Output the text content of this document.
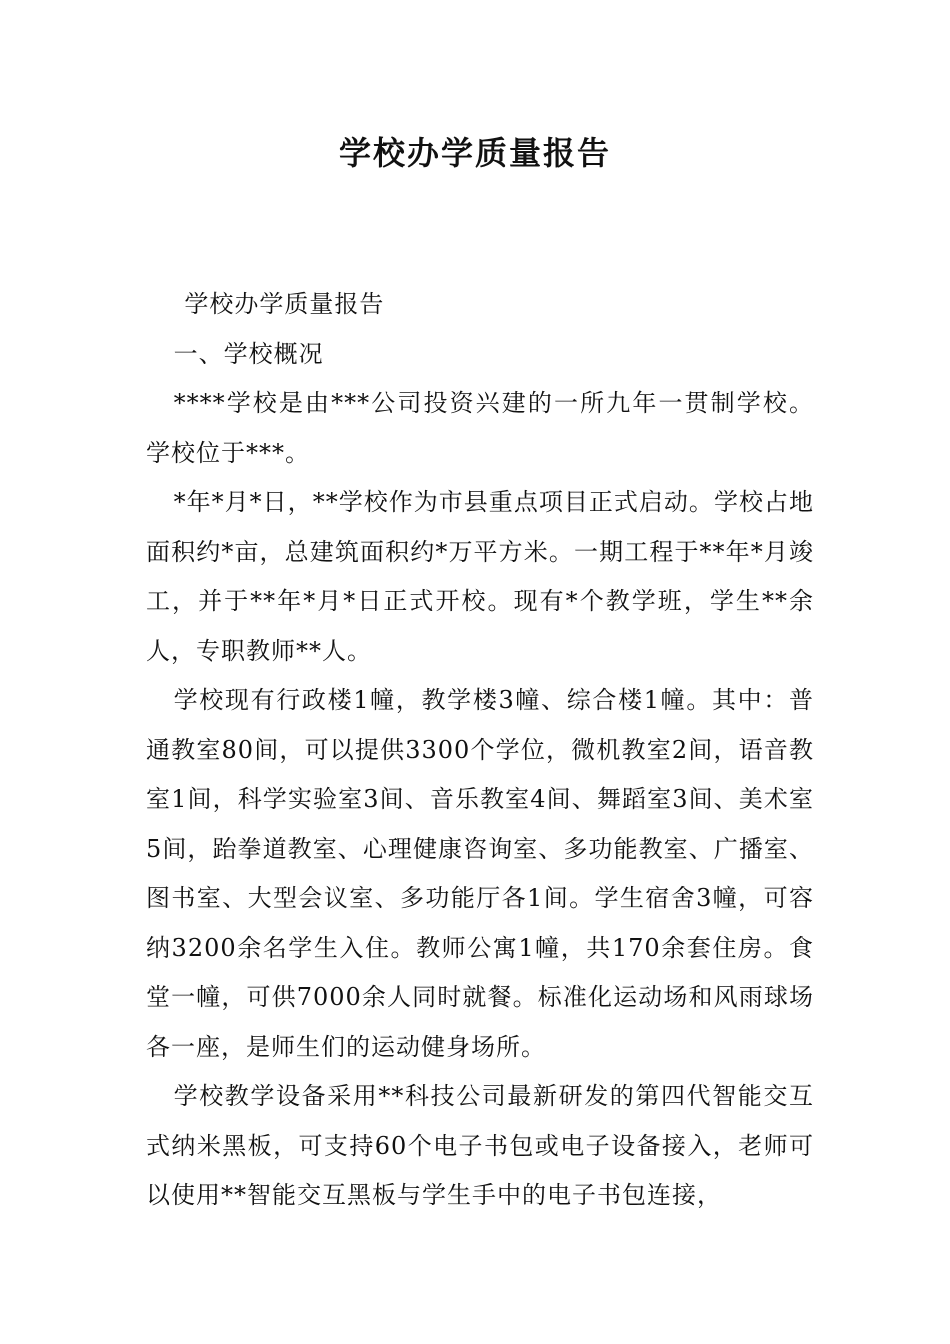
学校办学质量报告

学校办学质量报告

一、学校概况

****学校是由***公司投资兴建的一所九年一贯制学校。学校位于***。

*年*月*日，**学校作为市县重点项目正式启动。学校占地面积约*亩，总建筑面积约*万平方米。一期工程于**年*月竣工，并于**年*月*日正式开校。现有*个教学班，学生**余人，专职教师**人。

学校现有行政楼1幢，教学楼3幢、综合楼1幢。其中：普通教室80间，可以提供3300个学位，微机教室2间，语音教室1间，科学实验室3间、音乐教室4间、舞蹈室3间、美术室5间，跆拳道教室、心理健康咨询室、多功能教室、广播室、图书室、大型会议室、多功能厅各1间。学生宿舍3幢，可容纳3200余名学生入住。教师公寓1幢，共170余套住房。食堂一幢，可供7000余人同时就餐。标准化运动场和风雨球场各一座，是师生们的运动健身场所。

学校教学设备采用**科技公司最新研发的第四代智能交互式纳米黑板，可支持60个电子书包或电子设备接入，老师可以使用**智能交互黑板与学生手中的电子书包连接，
